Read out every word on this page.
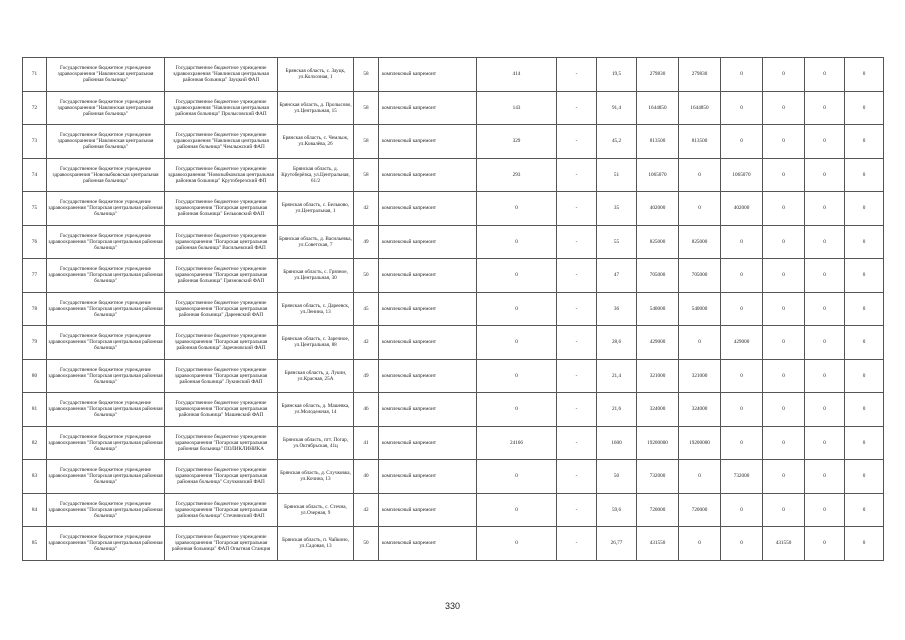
71	Государственное бюджетное учреждение здравоохранения "Навлинская центральная районная больница"	Государственное бюджетное учреждение здравоохранения "Навлинская центральная районная больница" Зауцкий ФАП	Брянская область, с. Зауцк, ул.Колхозная, 1	58	комплексный капремонт	414	-	19,5	279830	279830	0	0	0	0
72	Государственное бюджетное учреждение здравоохранения "Навлинская центральная районная больница"	Государственное бюджетное учреждение здравоохранения "Навлинская центральная районная больница" Пролысовский ФАП	Брянская область, д. Пролысово, ул.Центральная, 15	58	комплексный капремонт	143	-	91,4	1644850	1644850	0	0	0	0
73	Государственное бюджетное учреждение здравоохранения "Навлинская центральная районная больница"	Государственное бюджетное учреждение здравоохранения "Навлинская центральная районная больница" Чемлыжский ФАП	Брянская область, с. Чемлыж, ул.Ковалёва, 26	58	комплексный капремонт	329	-	45,2	813500	813500	0	0	0	0
74	Государственное бюджетное учреждение здравоохранения "Новозыбковская центральная районная больница"	Государственное бюджетное учреждение здравоохранения "Новозыбковская центральная районная больница" Крутоберезский ФП	Брянская область, д. Крутоберёзка, ул.Центральная, 61/2	58	комплексный капремонт	293	-	51	1065070	0	1065070	0	0	0
75	Государственное бюджетное учреждение здравоохранения "Погарская центральная районная больница"	Государственное бюджетное учреждение здравоохранения "Погарская центральная районная больница" Бельковский ФАП	Брянская область, с. Бельково, ул.Центральная, 1	42	комплексный капремонт	0	-	35	402000	0	402000	0	0	0
76	Государственное бюджетное учреждение здравоохранения "Погарская центральная районная больница"	Государственное бюджетное учреждение здравоохранения "Погарская центральная районная больница" Васильевский ФАП	Брянская область, д. Васильевка, ул.Советская, 7	49	комплексный капремонт	0	-	55	825000	825000	0	0	0	0
77	Государственное бюджетное учреждение здравоохранения "Погарская центральная районная больница"	Государственное бюджетное учреждение здравоохранения "Погарская центральная районная больница" Грязновский ФАП	Брянская область, с. Грязное, ул.Центральная, 30	50	комплексный капремонт	0	-	47	705000	705000	0	0	0	0
78	Государственное бюджетное учреждение здравоохранения "Погарская центральная районная больница"	Государственное бюджетное учреждение здравоохранения "Погарская центральная районная больница" Дареевский ФАП	Брянская область, с. Дареевск, ул.Ленина, 13	45	комплексный капремонт	0	-	36	540000	540000	0	0	0	0
79	Государственное бюджетное учреждение здравоохранения "Погарская центральная районная больница"	Государственное бюджетное учреждение здравоохранения "Погарская центральная районная больница" Заречновский ФАП	Брянская область, с. Заречное, ул.Центральная, 88	42	комплексный капремонт	0	-	28,6	429000	0	429000	0	0	0
80	Государственное бюджетное учреждение здравоохранения "Погарская центральная районная больница"	Государственное бюджетное учреждение здравоохранения "Погарская центральная районная больница" Лукинский ФАП	Брянская область, д. Лукин, ул.Красная, 25А	49	комплексный капремонт	0	-	21,4	321000	321000	0	0	0	0
81	Государственное бюджетное учреждение здравоохранения "Погарская центральная районная больница"	Государственное бюджетное учреждение здравоохранения "Погарская центральная районная больница" Машевский ФАП	Брянская область, д. Машевка, ул.Молодежная, 14	46	комплексный капремонт	0	-	21,6	324000	324000	0	0	0	0
82	Государственное бюджетное учреждение здравоохранения "Погарская центральная районная больница"	Государственное бюджетное учреждение здравоохранения "Погарская центральная районная больница" ПОЛИКЛИНИКА	Брянская область, пгт. Погар, ул.Октябрьская, 41ц	41	комплексный капремонт	24166	-	1600	19200000	19200000	0	0	0	0
83	Государственное бюджетное учреждение здравоохранения "Погарская центральная районная больница"	Государственное бюджетное учреждение здравоохранения "Погарская центральная районная больница" Случковский ФАП	Брянская область, д. Случковка, ул.Кочина, 13	40	комплексный капремонт	0	-	50	732000	0	732000	0	0	0
84	Государственное бюджетное учреждение здравоохранения "Погарская центральная районная больница"	Государственное бюджетное учреждение здравоохранения "Погарская центральная районная больница" Стечнянский ФАП	Брянская область, с. Стечна, ул.Озерная, 9	42	комплексный капремонт	0	-	59,6	720000	720000	0	0	0	0
85	Государственное бюджетное учреждение здравоохранения "Погарская центральная районная больница"	Государственное бюджетное учреждение здравоохранения "Погарская центральная районная больница" ФАП Опытная Станция	Брянская область, п. Чайкино, ул.Садовая, 13	50	комплексный капремонт	0	-	26,77	431550	0	0	431550	0	0
330
